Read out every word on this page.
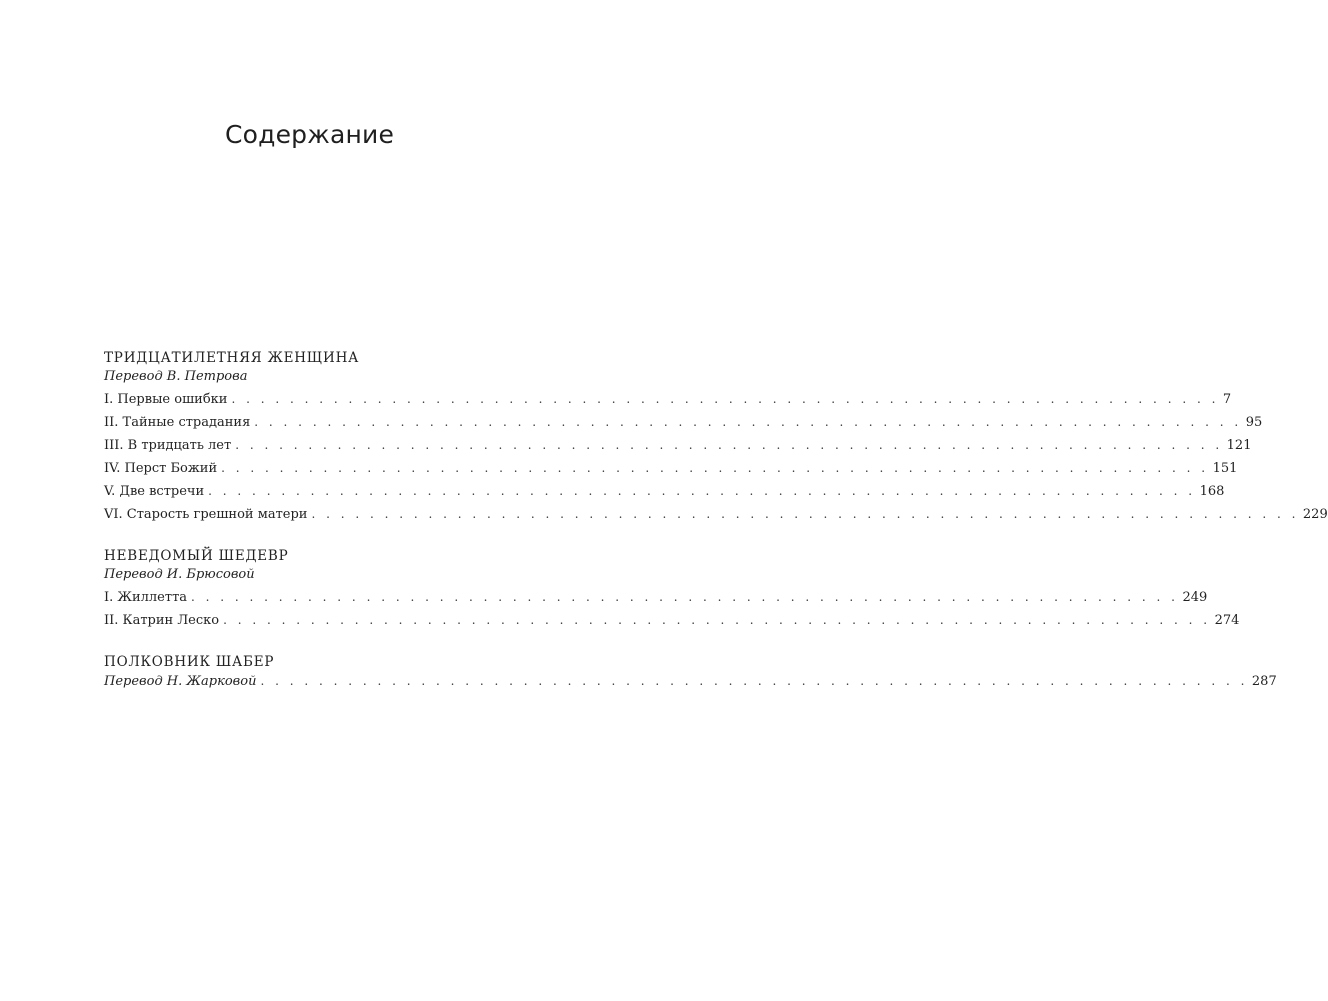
Содержание
ТРИДЦАТИЛЕТНЯЯ ЖЕНЩИНА
Перевод В. Петрова
I. Первые ошибки . . . . . . . . . . . . . . . . . . . . . . . . . . . . . . . . . . . . . . . . . . . . . . . . . . . . . . . . . . . . . . . . . . . . 7
II. Тайные страдания . . . . . . . . . . . . . . . . . . . . . . . . . . . . . . . . . . . . . . . . . . . . . . . . . . . . . . . . . . . . . . . . . . . . 95
III. В тридцать лет . . . . . . . . . . . . . . . . . . . . . . . . . . . . . . . . . . . . . . . . . . . . . . . . . . . . . . . . . . . . . . . . . . . . 121
IV. Перст Божий . . . . . . . . . . . . . . . . . . . . . . . . . . . . . . . . . . . . . . . . . . . . . . . . . . . . . . . . . . . . . . . . . . . . 151
V. Две встречи . . . . . . . . . . . . . . . . . . . . . . . . . . . . . . . . . . . . . . . . . . . . . . . . . . . . . . . . . . . . . . . . . . . . 168
VI. Старость грешной матери . . . . . . . . . . . . . . . . . . . . . . . . . . . . . . . . . . . . . . . . . . . . . . . . . . . . . . . . . . . . . . . . . . . . 229
НЕВЕДОМЫЙ ШЕДЕВР
Перевод И. Брюсовой
I. Жиллетта . . . . . . . . . . . . . . . . . . . . . . . . . . . . . . . . . . . . . . . . . . . . . . . . . . . . . . . . . . . . . . . . . . . . 249
II. Катрин Леско . . . . . . . . . . . . . . . . . . . . . . . . . . . . . . . . . . . . . . . . . . . . . . . . . . . . . . . . . . . . . . . . . . . . 274
ПОЛКОВНИК ШАБЕР
Перевод Н. Жарковой . . . . . . . . . . . . . . . . . . . . . . . . . . . . . . . . . . . . . . . . . . . . . . . . . . . . . . . . . . . . . . . . . . . . 287
